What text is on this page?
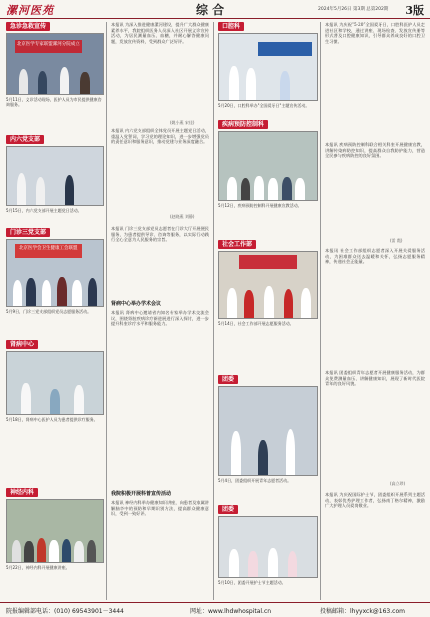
漯河医苑	综 合	2024年5月26日 第3期 总第202期 3版
急诊急救宣传
北京医学专家联盟漯河分院成立
5月11日，义诊活动现场，医护人员为市民提供健康咨询服务。
内六党支部
5月15日，内六党支部开展主题党日活动。
门诊三党支部
北京医学会卫生健康工会联盟
5月9日，门诊三党支部组织党员志愿服务活动。
肾病中心
5月18日，肾病中心医护人员为患者提供诊疗服务。
神经内科
5月22日，神经内科开展健康讲座。
本报讯 为深入推进健康漯河建设，提升广大群众健康素养水平，我院组织医务人员深入社区开展义诊宣传活动，为居民测量血压、血糖，并耐心解答健康问题，发放宣传资料，受到群众广泛好评。
(姚小燕 宋佳)
本报讯 内六党支部组织全体党员开展主题党日活动，重温入党誓词，学习党的理论知识，进一步增强党员的责任意识和服务意识，推动党建与业务深度融合。
(赵晓燕 刘静)
本报讯 门诊三党支部党员志愿者在门诊大厅开展便民服务，为患者提供导诊、咨询等服务，以实际行动践行全心全意为人民服务的宗旨。
肾病中心举办学术会议
本报讯 肾病中心邀请省内知名专家举办学术交流会议，围绕肾脏疾病诊疗新进展进行深入探讨，进一步提升科室诊疗水平和服务能力。
我院积极开展科普宣传活动
本报讯 神经内科举办健康知识讲座，向患者及家属讲解脑卒中的预防和早期识别方法，提高群众健康意识，受到一致好评。
口腔科
5月20日，口腔科举办"全国爱牙日"主题宣传活动。
疾病预防控制科
5月12日，疾病预防控制科开展健康宣教活动。
社会工作部
5月14日，社会工作部开展志愿服务活动。
团委
5月4日，团委组织开展青年志愿者活动。
团委
5月10日，团委开展护士节主题活动。
本报讯 为庆祝“5·20”全国爱牙日，口腔科医护人员走进社区和学校，通过讲座、现场检查、发放宣传册等形式普及口腔健康知识，引导群众养成良好的口腔卫生习惯。
本报讯 疾病预防控制科联合相关科室开展健康宣教，讲解传染病防控知识，提高群众自我防护能力，营造全民参与疾病防控的良好氛围。
(雷 霞)
本报讯 社会工作部组织志愿者深入开展关爱服务活动，为困难群众送去温暖和关怀，弘扬志愿服务精神，传递社会正能量。
本报讯 团委组织青年志愿者开展健康服务活动，为群众免费测量血压、讲解健康知识，展现了新时代医院青年的良好风貌。
(高立珍)
本报讯 为庆祝国际护士节，团委组织开展系列主题活动，表彰优秀护理工作者，弘扬南丁格尔精神，激励广大护理人员爱岗敬业。
院报编辑部电话：(010) 69543901－3444	网址：www.lhdwhospital.cn	投稿邮箱：lhyyxck@163.com
